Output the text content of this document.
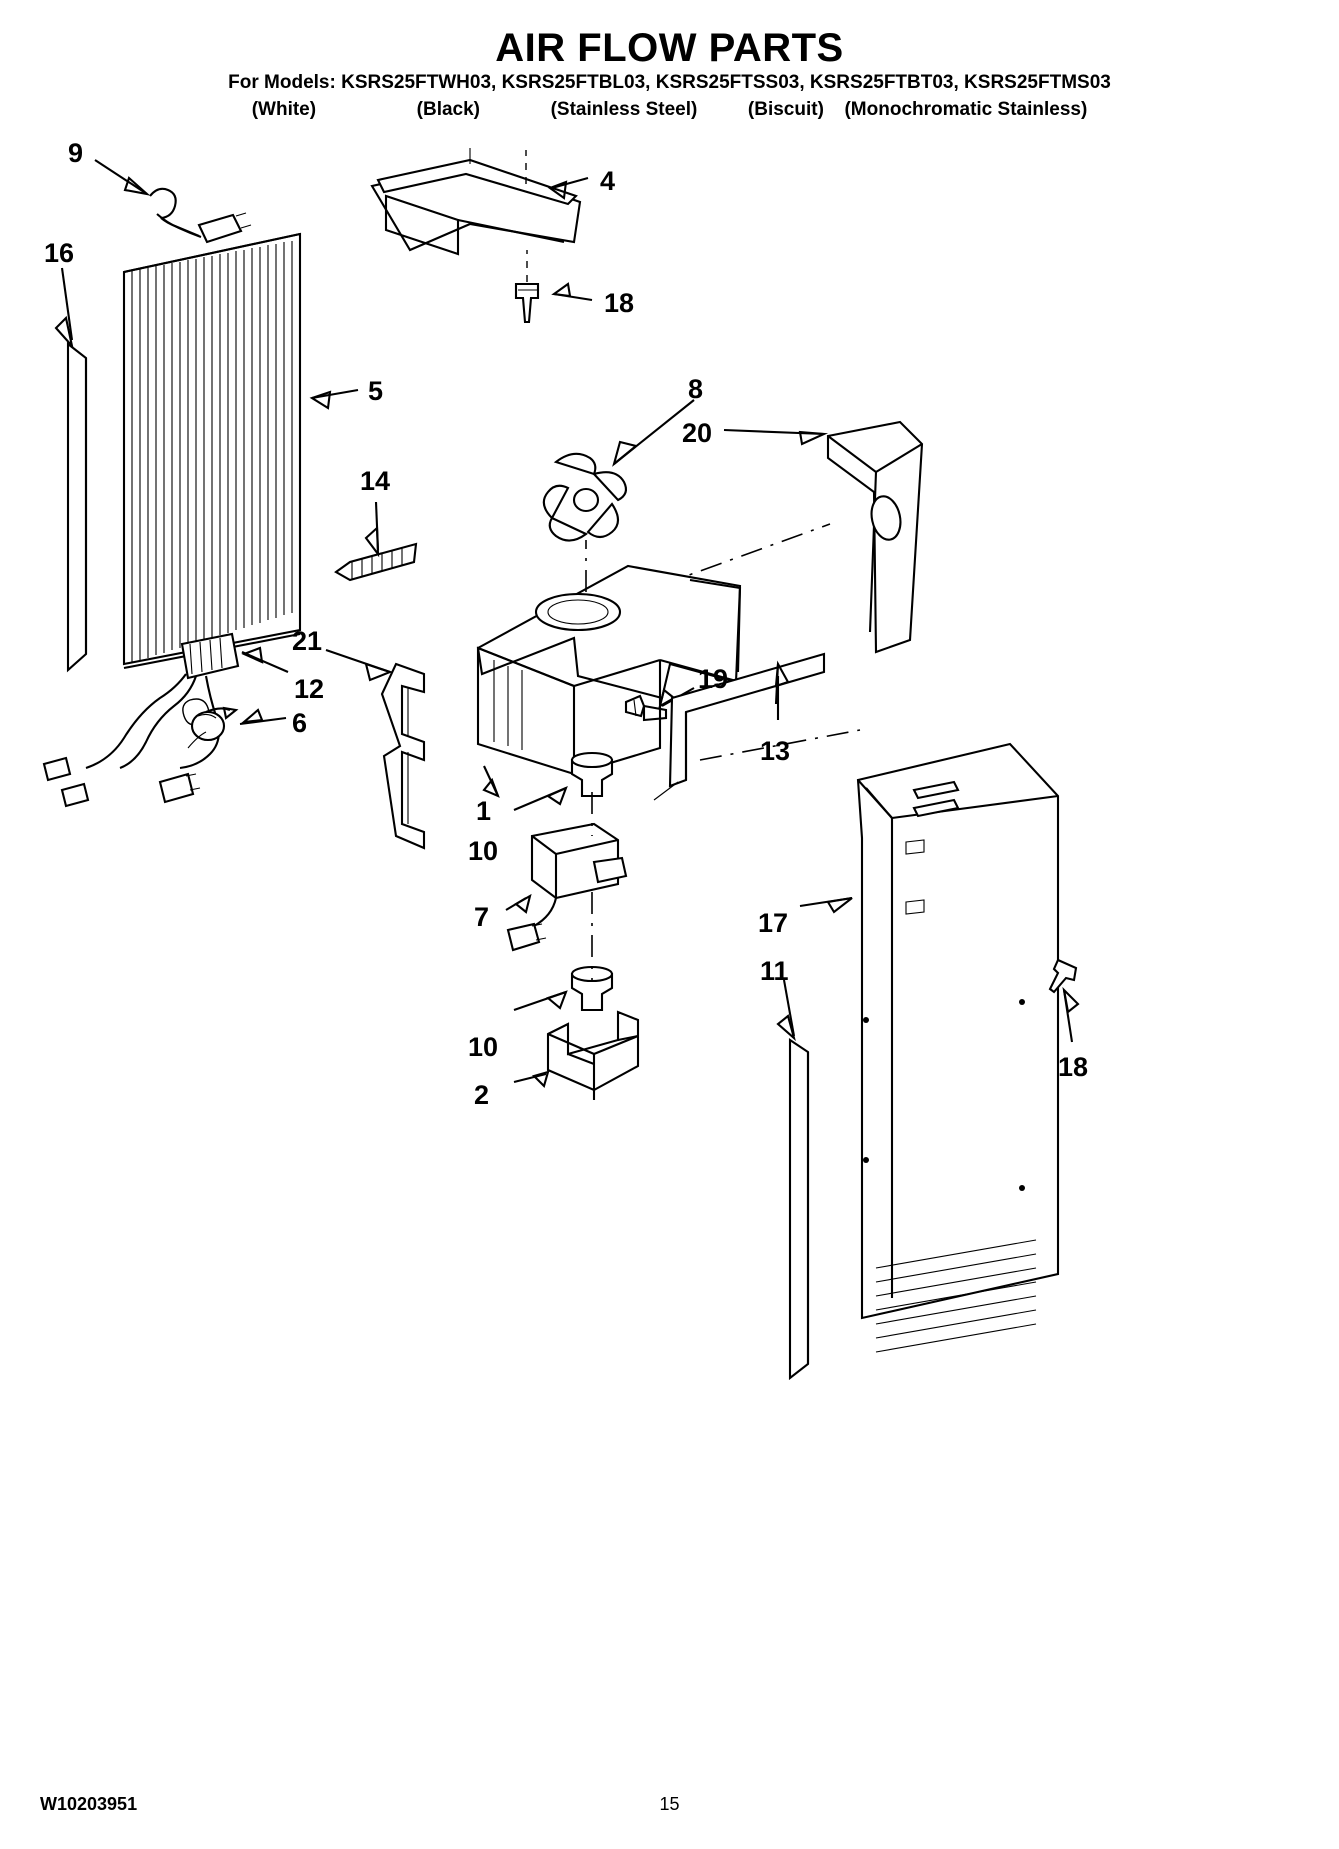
AIR FLOW PARTS
For Models: KSRS25FTWH03, KSRS25FTBL03, KSRS25FTSS03, KSRS25FTBT03, KSRS25FTMS03
(White)	(Black)	(Stainless Steel)	(Biscuit) (Monochromatic Stainless)
9
4
16
18
5	8
20
14
21
12	19
6
13
1
10
7	17
11
10
18
2
W10203951	15
